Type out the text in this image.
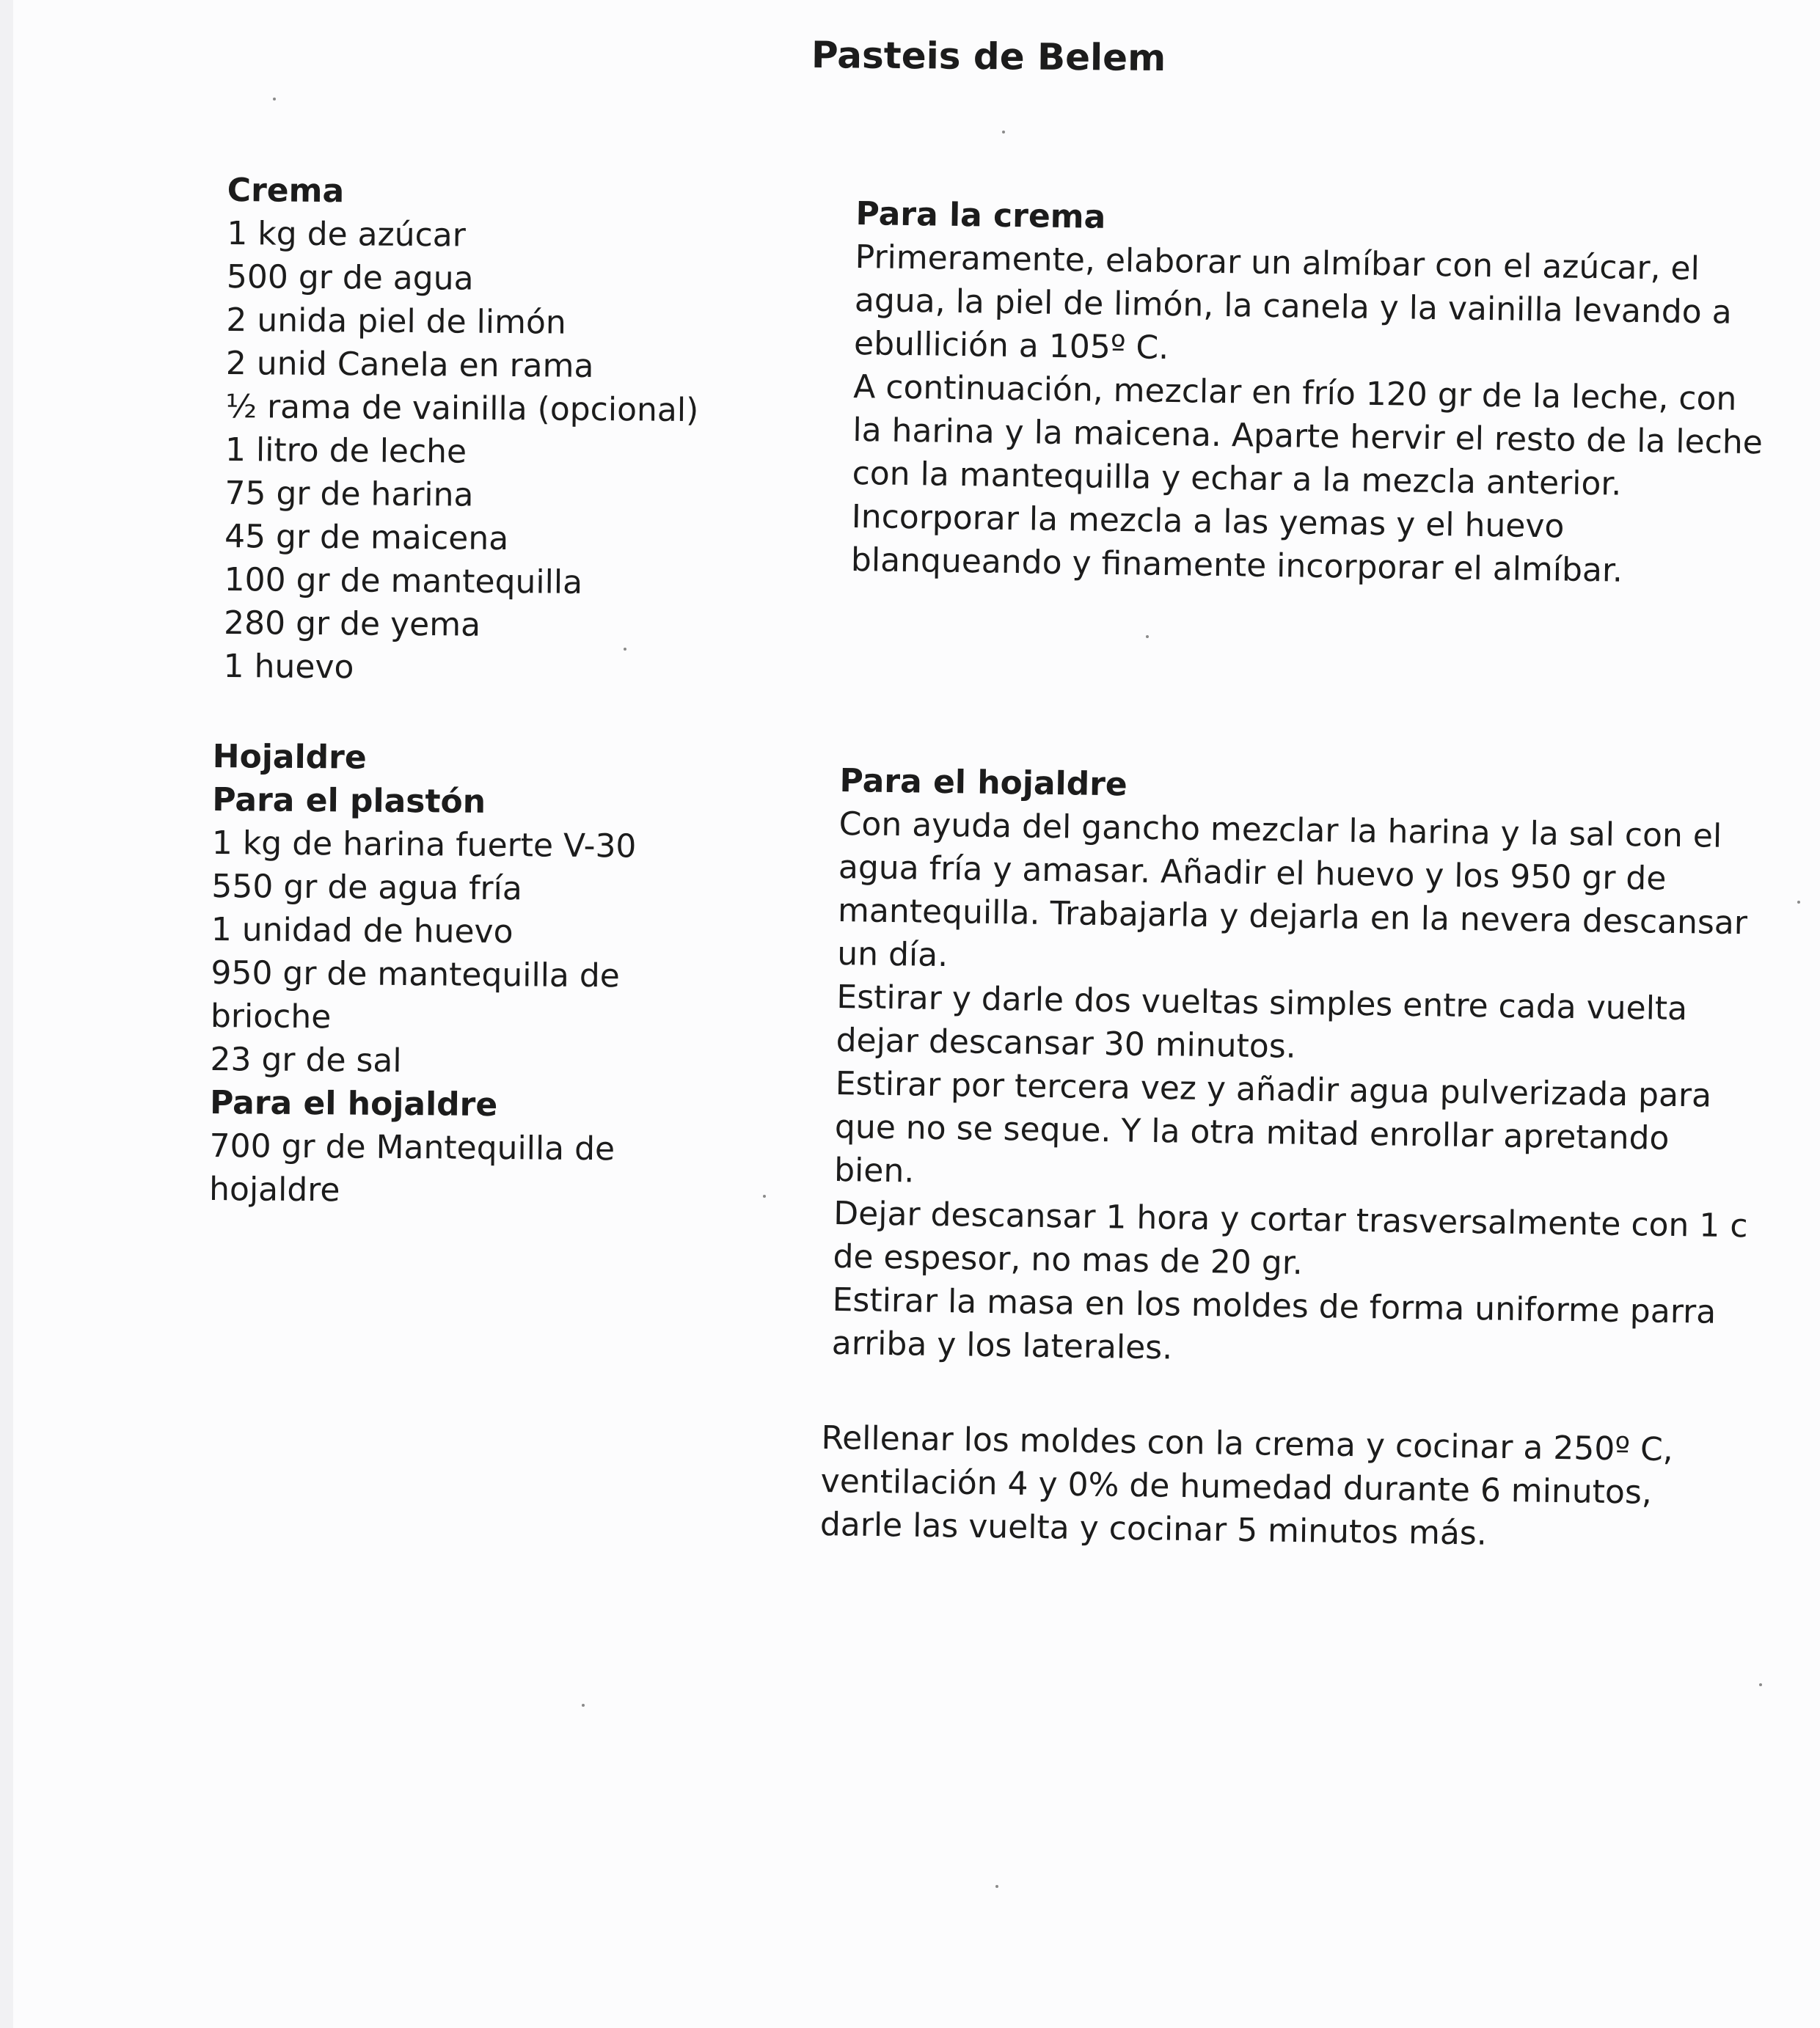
Pasteis de Belem
Crema
1 kg de azúcar
500 gr de agua
2 unida piel de limón
2 unid Canela en rama
½ rama de vainilla (opcional)
1 litro de leche
75 gr de harina
45 gr de maicena
100 gr de mantequilla
280 gr de yema
1 huevo
Hojaldre
Para el plastón
1 kg de harina fuerte V-30
550 gr de agua fría
1 unidad de huevo
950 gr de mantequilla de
brioche
23 gr de sal
Para el hojaldre
700 gr de Mantequilla de
hojaldre
Para la crema
Primeramente, elaborar un almíbar con el azúcar, el
agua, la piel de limón, la canela y la vainilla levando a
ebullición a 105º C.
A continuación, mezclar en frío 120 gr de la leche, con
la harina y la maicena. Aparte hervir el resto de la leche
con la mantequilla y echar a la mezcla anterior.
Incorporar la mezcla a las yemas y el huevo
blanqueando y finamente incorporar el almíbar.
Para el hojaldre
Con ayuda del gancho mezclar la harina y la sal con el
agua fría y amasar. Añadir el huevo y los 950 gr de
mantequilla. Trabajarla y dejarla en la nevera descansar
un día.
Estirar y darle dos vueltas simples entre cada vuelta
dejar descansar 30 minutos.
Estirar por tercera vez y añadir agua pulverizada para
que no se seque. Y la otra mitad enrollar apretando
bien.
Dejar descansar 1 hora y cortar trasversalmente con 1 c
de espesor, no mas de 20 gr.
Estirar la masa en los moldes de forma uniforme parra
arriba y los laterales.
Rellenar los moldes con la crema y cocinar a 250º C,
ventilación 4 y 0% de humedad durante 6 minutos,
darle las vuelta y cocinar 5 minutos más.
